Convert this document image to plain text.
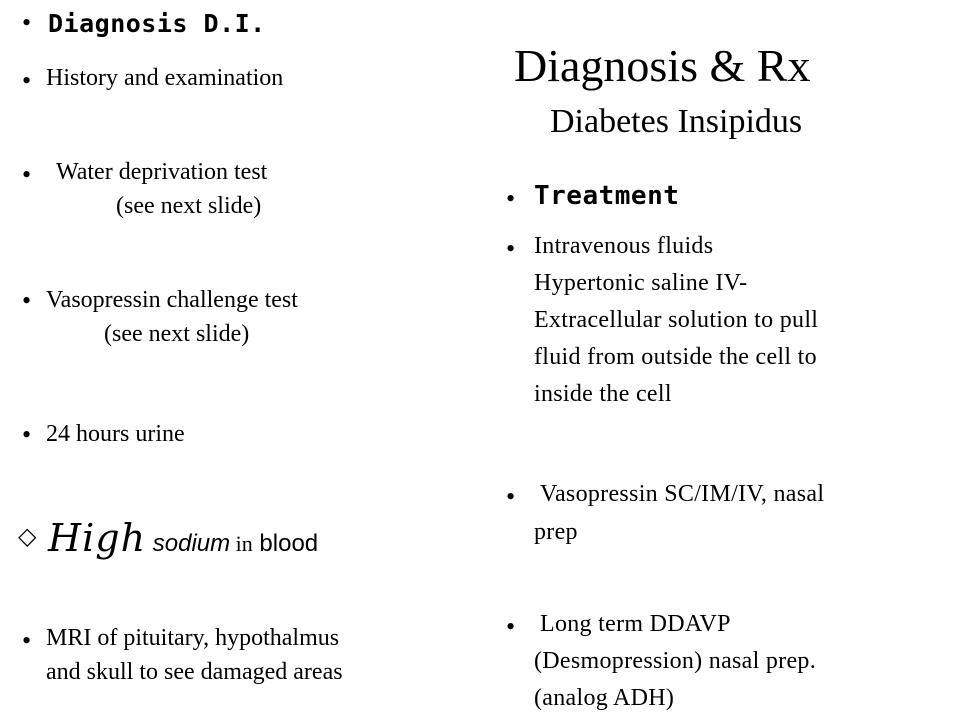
• Diagnosis D.I.
• History and examination
• Water deprivation test
(see next slide)
• Vasopressin challenge test
(see next slide)
• 24 hours urine
◇ High sodium in blood
• MRI of pituitary, hypothalmus
and skull to see damaged areas
Diagnosis & Rx
Diabetes Insipidus
• Treatment
• Intravenous fluids
Hypertonic saline IV-
Extracellular solution to pull
fluid from outside the cell to
inside the cell
• Vasopressin SC/IM/IV, nasal
prep
• Long term DDAVP
(Desmopression) nasal prep.
(analog ADH)
